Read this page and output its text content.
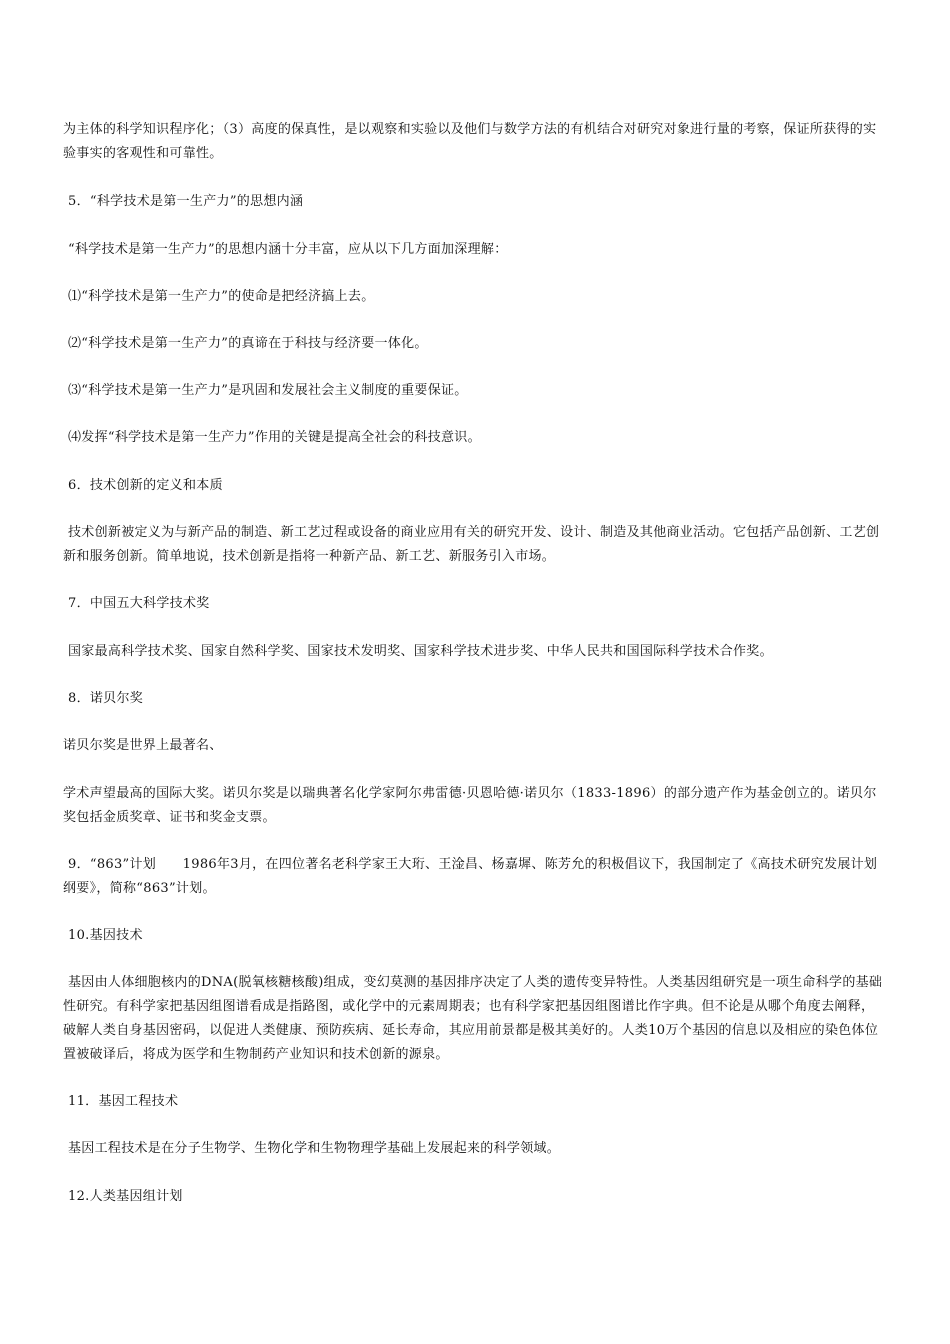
为主体的科学知识程序化；（3）高度的保真性，是以观察和实验以及他们与数学方法的有机结合对研究对象进行量的考察，保证所获得的实验事实的客观性和可靠性。

5．“科学技术是第一生产力”的思想内涵

“科学技术是第一生产力”的思想内涵十分丰富，应从以下几方面加深理解：

⑴“科学技术是第一生产力”的使命是把经济搞上去。

⑵“科学技术是第一生产力”的真谛在于科技与经济要一体化。

⑶“科学技术是第一生产力”是巩固和发展社会主义制度的重要保证。

⑷发挥“科学技术是第一生产力”作用的关键是提高全社会的科技意识。

6．技术创新的定义和本质

技术创新被定义为与新产品的制造、新工艺过程或设备的商业应用有关的研究开发、设计、制造及其他商业活动。它包括产品创新、工艺创新和服务创新。简单地说，技术创新是指将一种新产品、新工艺、新服务引入市场。

7．中国五大科学技术奖

国家最高科学技术奖、国家自然科学奖、国家技术发明奖、国家科学技术进步奖、中华人民共和国国际科学技术合作奖。

8．诺贝尔奖

诺贝尔奖是世界上最著名、

学术声望最高的国际大奖。诺贝尔奖是以瑞典著名化学家阿尔弗雷德·贝恩哈德·诺贝尔（1833-1896）的部分遗产作为基金创立的。诺贝尔奖包括金质奖章、证书和奖金支票。

9．“863”计划　　1986年3月，在四位著名老科学家王大珩、王淦昌、杨嘉墀、陈芳允的积极倡议下，我国制定了《高技术研究发展计划纲要》，简称“863”计划。

10.基因技术

基因由人体细胞核内的DNA(脱氧核糖核酸)组成，变幻莫测的基因排序决定了人类的遗传变异特性。人类基因组研究是一项生命科学的基础性研究。有科学家把基因组图谱看成是指路图，或化学中的元素周期表；也有科学家把基因组图谱比作字典。但不论是从哪个角度去阐释，破解人类自身基因密码，以促进人类健康、预防疾病、延长寿命，其应用前景都是极其美好的。人类10万个基因的信息以及相应的染色体位置被破译后，将成为医学和生物制药产业知识和技术创新的源泉。

11．基因工程技术

基因工程技术是在分子生物学、生物化学和生物物理学基础上发展起来的科学领域。

12.人类基因组计划
